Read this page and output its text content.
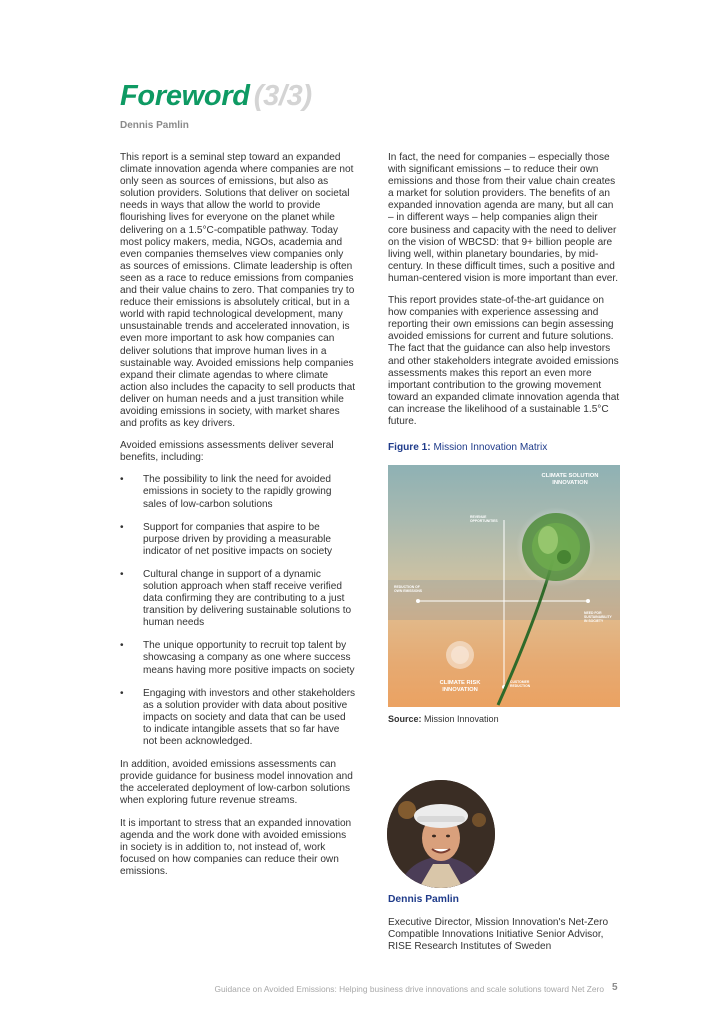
Foreword (3/3)
Dennis Pamlin

This report is a seminal step toward an expanded climate innovation agenda where companies are not only seen as sources of emissions, but also as solution providers. Solutions that deliver on societal needs in ways that allow the world to provide flourishing lives for everyone on the planet while delivering on a 1.5°C-compatible pathway. Today most policy makers, media, NGOs, academia and even companies themselves view companies only as sources of emissions. Climate leadership is often seen as a race to reduce emissions from companies and their value chains to zero. That companies try to reduce their emissions is absolutely critical, but in a world with rapid technological development, many unsustainable trends and accelerated innovation, is even more important to ask how companies can deliver solutions that improve human lives in a sustainable way. Avoided emissions help companies expand their climate agendas to where climate action also includes the capacity to sell products that deliver on human needs and a just transition while avoiding emissions in society, with market shares and profits as key drivers.

Avoided emissions assessments deliver several benefits, including:

• The possibility to link the need for avoided emissions in society to the rapidly growing sales of low-carbon solutions
• Support for companies that aspire to be purpose driven by providing a measurable indicator of net positive impacts on society
• Cultural change in support of a dynamic solution approach when staff receive verified data confirming they are contributing to a just transition by delivering sustainable solutions to human needs
• The unique opportunity to recruit top talent by showcasing a company as one where success means having more positive impacts on society
• Engaging with investors and other stakeholders as a solution provider with data about positive impacts on society and data that can be used to indicate intangible assets that so far have not been acknowledged.

In addition, avoided emissions assessments can provide guidance for business model innovation and the accelerated deployment of low-carbon solutions when exploring future revenue streams.

It is important to stress that an expanded innovation agenda and the work done with avoided emissions in society is in addition to, not instead of, work focused on how companies can reduce their own emissions.

In fact, the need for companies – especially those with significant emissions – to reduce their own emissions and those from their value chain creates a market for solution providers. The benefits of an expanded innovation agenda are many, but all can – in different ways – help companies align their core business and capacity with the need to deliver on the vision of WBCSD: that 9+ billion people are living well, within planetary boundaries, by mid-century. In these difficult times, such a positive and human-centered vision is more important than ever.

This report provides state-of-the-art guidance on how companies with experience assessing and reporting their own emissions can begin assessing avoided emissions for current and future solutions. The fact that the guidance can also help investors and other stakeholders integrate avoided emissions assessments makes this report an even more important contribution to the growing movement toward an expanded climate innovation agenda that can increase the likelihood of a sustainable 1.5°C future.

Figure 1: Mission Innovation Matrix
CLIMATE SOLUTION INNOVATION
CLIMATE RISK INNOVATION
REVENUE OPPORTUNITIES
REDUCTION OF OWN EMISSIONS
NEED FOR SUSTAINABILITY IN SOCIETY
CUSTOMER REDUCTION
Source: Mission Innovation
Dennis Pamlin
Executive Director, Mission Innovation's Net-Zero Compatible Innovations Initiative Senior Advisor, RISE Research Institutes of Sweden
Guidance on Avoided Emissions: Helping business drive innovations and scale solutions toward Net Zero 5
